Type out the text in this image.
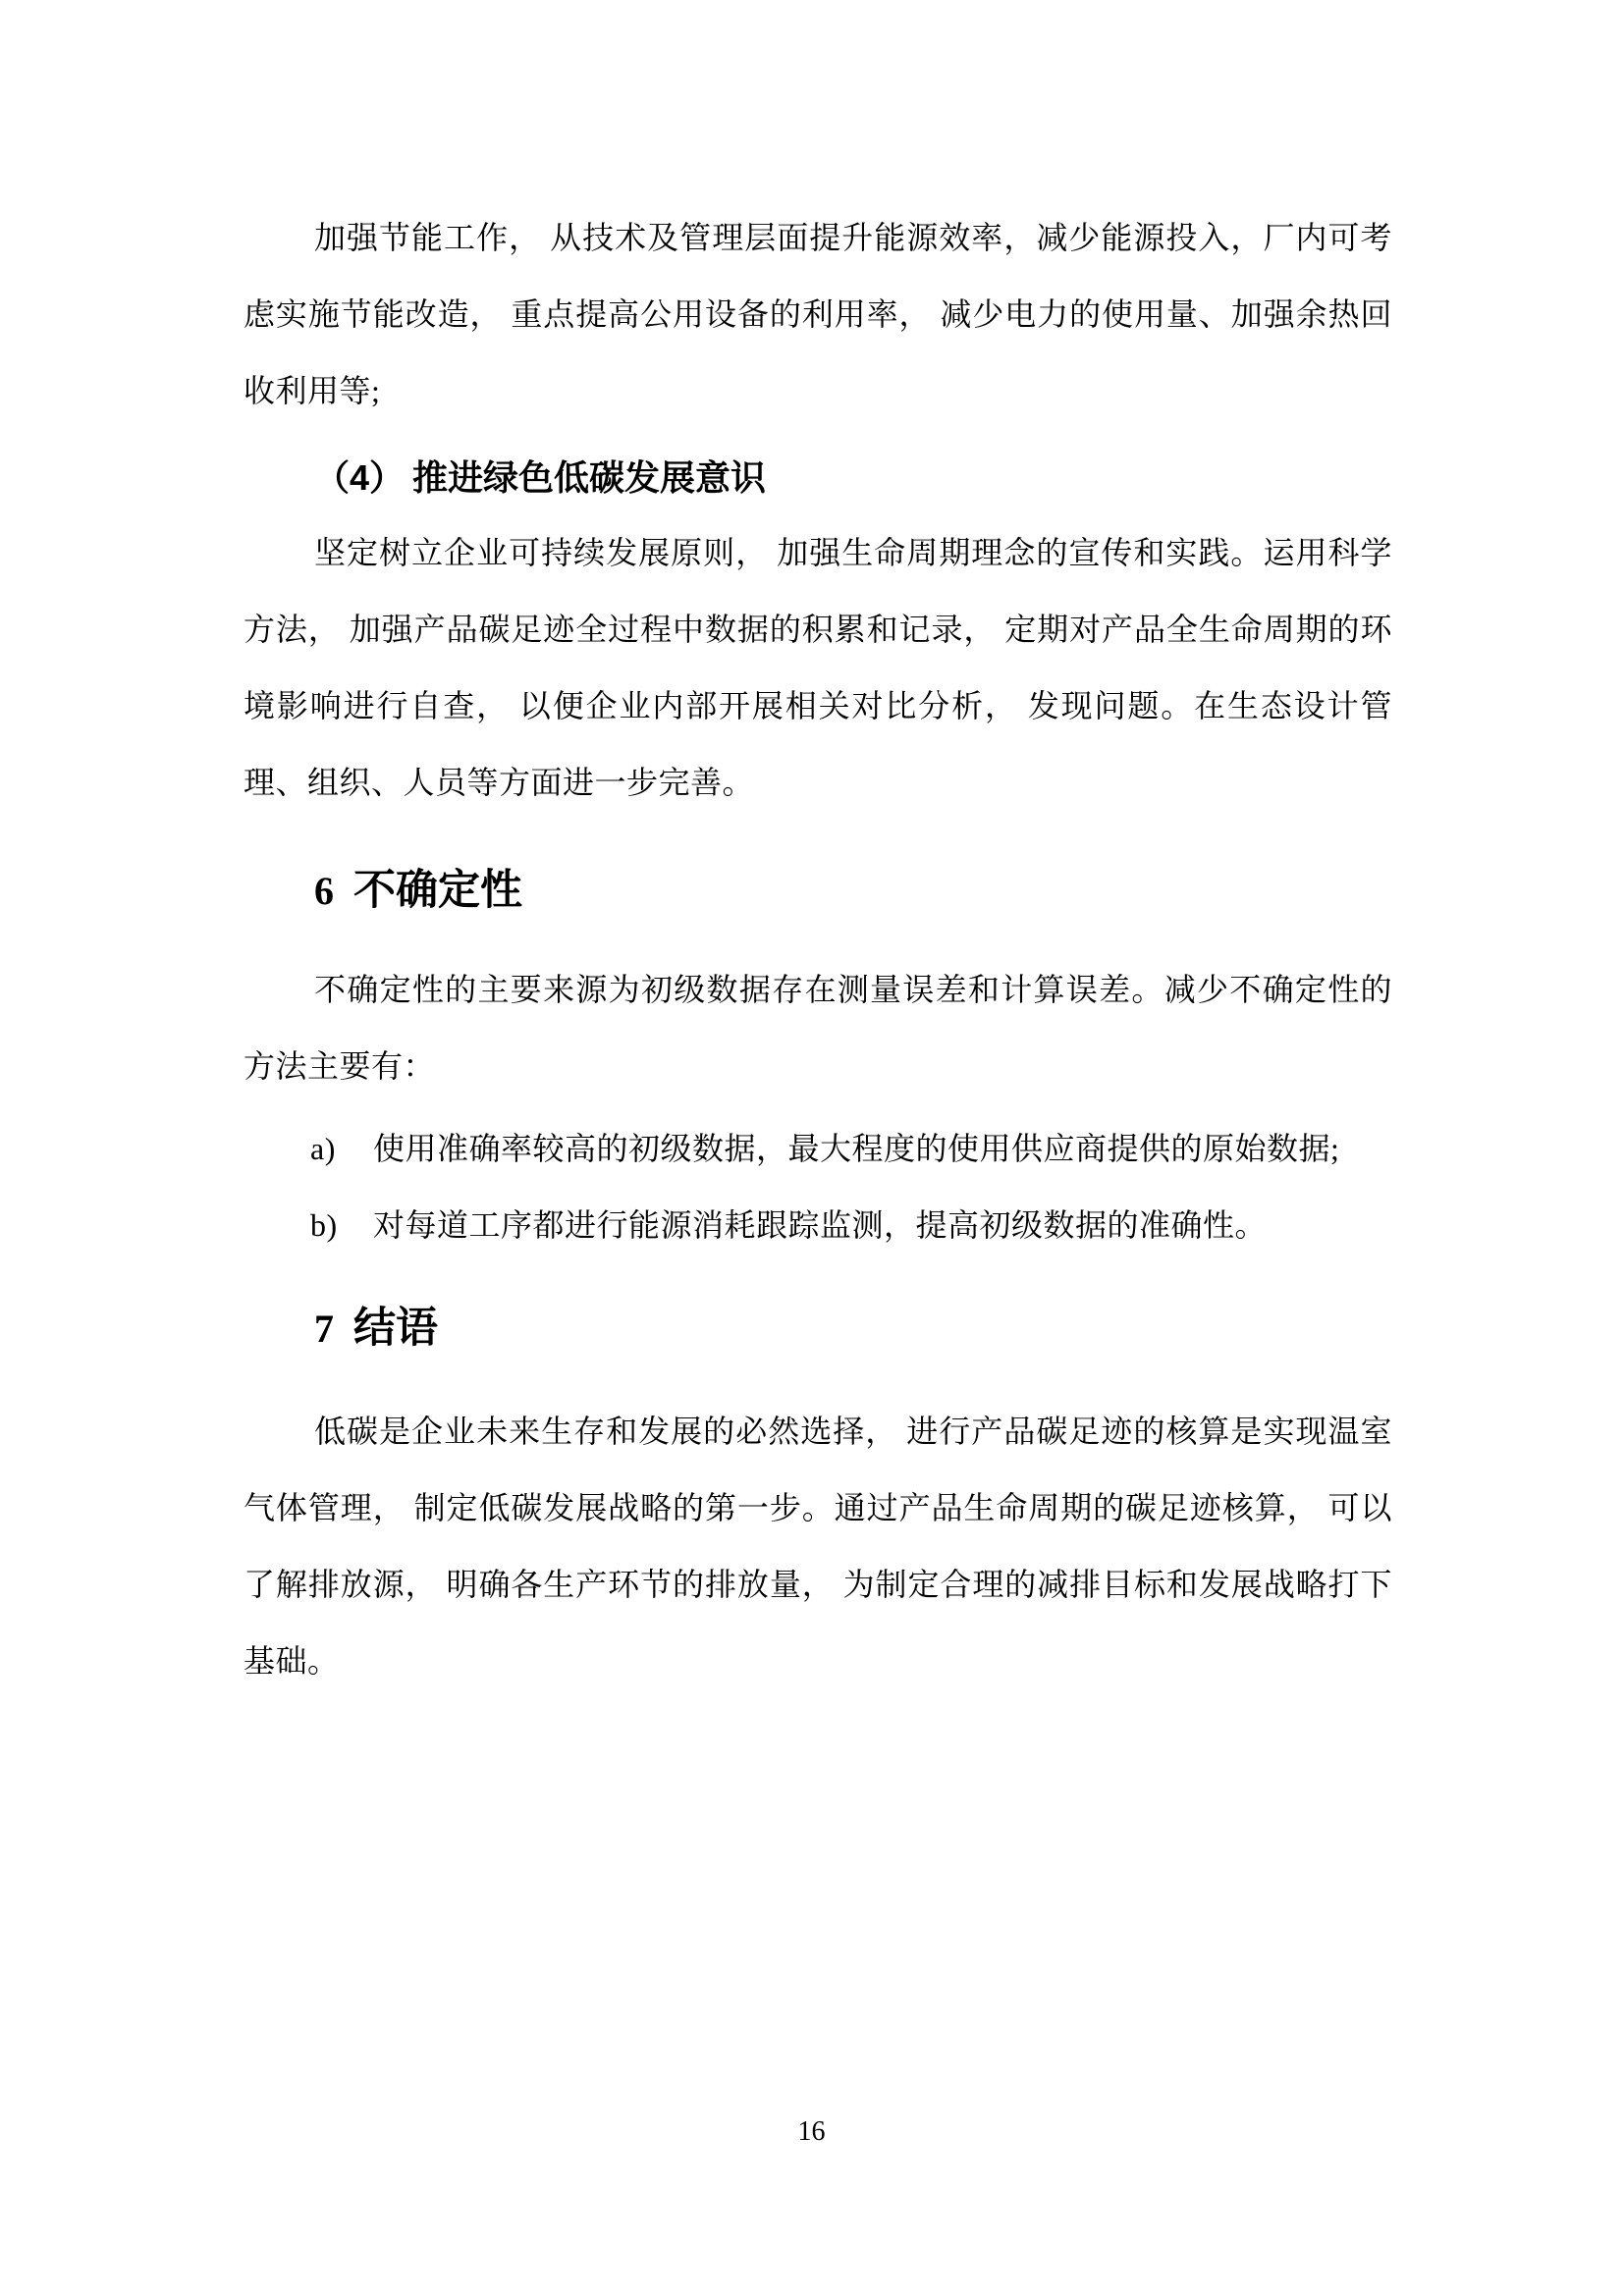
加强节能工作， 从技术及管理层面提升能源效率，减少能源投入，厂内可考虑实施节能改造， 重点提高公用设备的利用率， 减少电力的使用量、加强余热回收利用等;

（4） 推进绿色低碳发展意识

坚定树立企业可持续发展原则， 加强生命周期理念的宣传和实践。运用科学方法， 加强产品碳足迹全过程中数据的积累和记录， 定期对产品全生命周期的环境影响进行自查， 以便企业内部开展相关对比分析， 发现问题。在生态设计管理、组织、人员等方面进一步完善。

6 不确定性

不确定性的主要来源为初级数据存在测量误差和计算误差。减少不确定性的方法主要有：

a) 使用准确率较高的初级数据，最大程度的使用供应商提供的原始数据;
b) 对每道工序都进行能源消耗跟踪监测，提高初级数据的准确性。
7 结语

低碳是企业未来生存和发展的必然选择， 进行产品碳足迹的核算是实现温室气体管理， 制定低碳发展战略的第一步。通过产品生命周期的碳足迹核算， 可以了解排放源， 明确各生产环节的排放量， 为制定合理的减排目标和发展战略打下基础。

16
